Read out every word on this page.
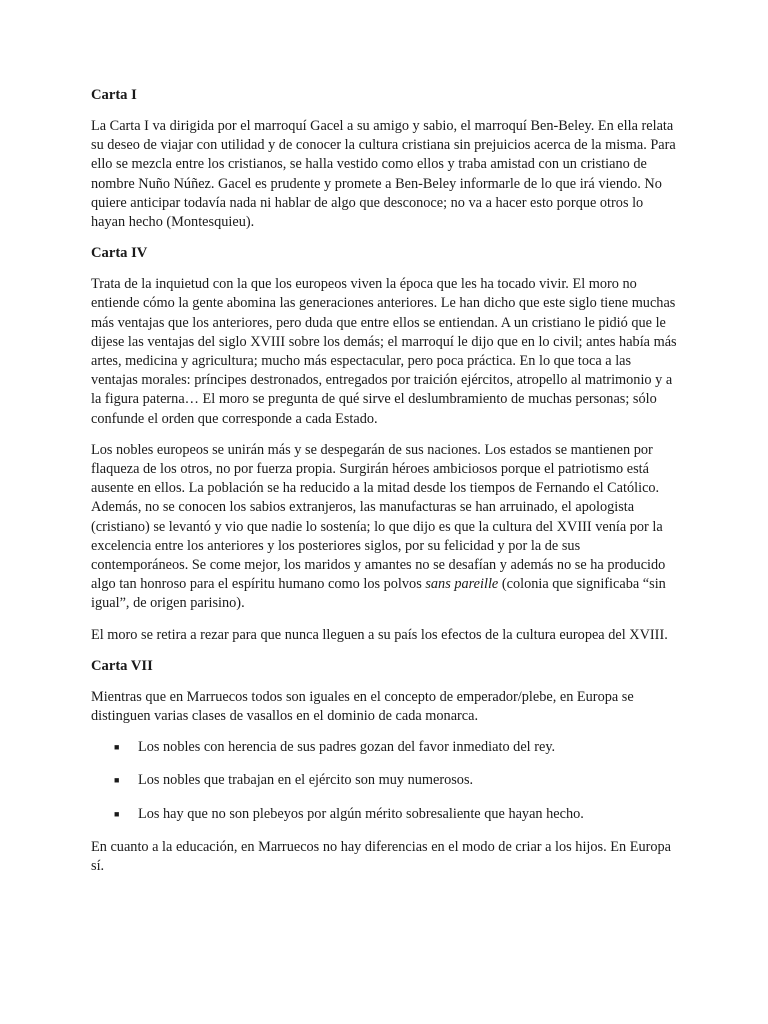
Carta I

La Carta I va dirigida por el marroquí Gacel a su amigo y sabio, el marroquí Ben-Beley. En ella relata su deseo de viajar con utilidad y de conocer la cultura cristiana sin prejuicios acerca de la misma. Para ello se mezcla entre los cristianos, se halla vestido como ellos y traba amistad con un cristiano de nombre Nuño Núñez. Gacel es prudente y promete a Ben-Beley informarle de lo que irá viendo. No quiere anticipar todavía nada ni hablar de algo que desconoce; no va a hacer esto porque otros lo hayan hecho (Montesquieu).

Carta IV

Trata de la inquietud con la que los europeos viven la época que les ha tocado vivir. El moro no entiende cómo la gente abomina las generaciones anteriores. Le han dicho que este siglo tiene muchas más ventajas que los anteriores, pero duda que entre ellos se entiendan. A un cristiano le pidió que le dijese las ventajas del siglo XVIII sobre los demás; el marroquí le dijo que en lo civil; antes había más artes, medicina y agricultura; mucho más espectacular, pero poca práctica. En lo que toca a las ventajas morales: príncipes destronados, entregados por traición ejércitos, atropello al matrimonio y a la figura paterna… El moro se pregunta de qué sirve el deslumbramiento de muchas personas; sólo confunde el orden que corresponde a cada Estado.

Los nobles europeos se unirán más y se despegarán de sus naciones. Los estados se mantienen por flaqueza de los otros, no por fuerza propia. Surgirán héroes ambiciosos porque el patriotismo está ausente en ellos. La población se ha reducido a la mitad desde los tiempos de Fernando el Católico. Además, no se conocen los sabios extranjeros, las manufacturas se han arruinado, el apologista (cristiano) se levantó y vio que nadie lo sostenía; lo que dijo es que la cultura del XVIII venía por la excelencia entre los anteriores y los posteriores siglos, por su felicidad y por la de sus contemporáneos. Se come mejor, los maridos y amantes no se desafían y además no se ha producido algo tan honroso para el espíritu humano como los polvos sans pareille (colonia que significaba “sin igual”, de origen parisino).

El moro se retira a rezar para que nunca lleguen a su país los efectos de la cultura europea del XVIII.

Carta VII

Mientras que en Marruecos todos son iguales en el concepto de emperador/plebe, en Europa se distinguen varias clases de vasallos en el dominio de cada monarca.

■ Los nobles con herencia de sus padres gozan del favor inmediato del rey.
■ Los nobles que trabajan en el ejército son muy numerosos.
■ Los hay que no son plebeyos por algún mérito sobresaliente que hayan hecho.

En cuanto a la educación, en Marruecos no hay diferencias en el modo de criar a los hijos. En Europa sí.
